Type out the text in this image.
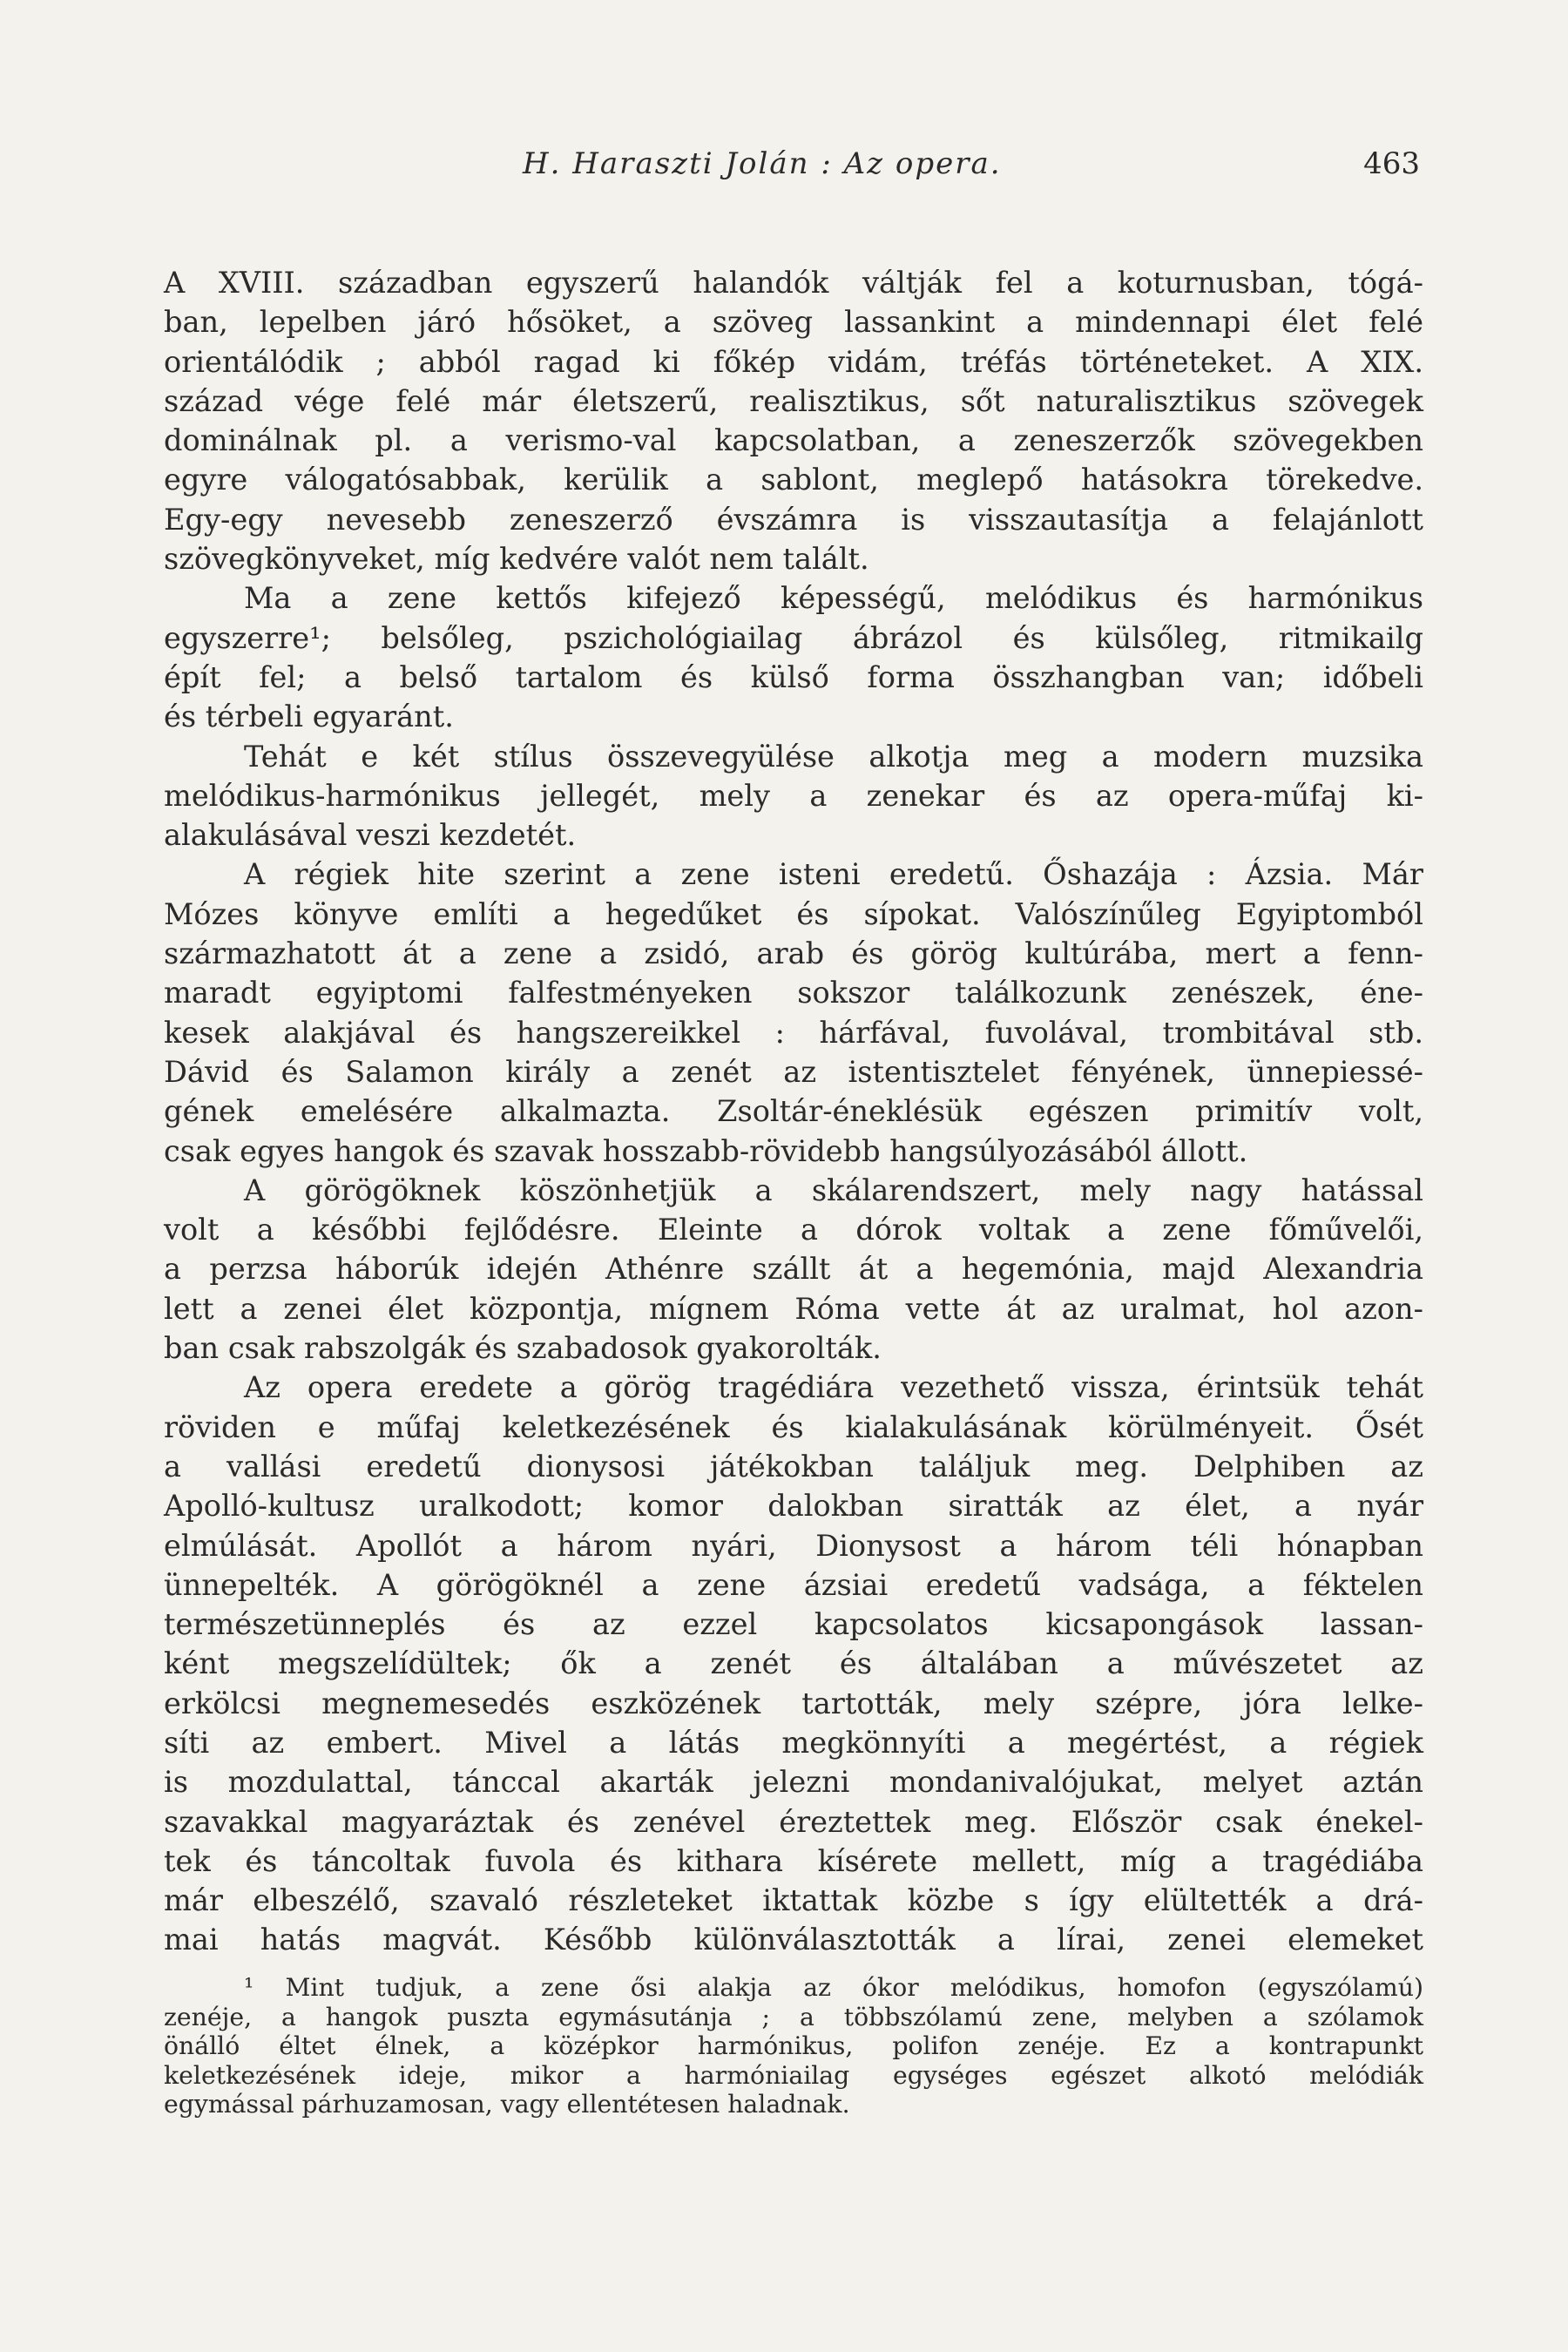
H. Haraszti Jolán : Az opera.	463
A XVIII. században egyszerű halandók váltják fel a koturnusban, tógá-
ban, lepelben járó hősöket, a szöveg lassankint a mindennapi élet felé
orientálódik ; abból ragad ki főkép vidám, tréfás történeteket. A XIX.
század vége felé már életszerű, realisztikus, sőt naturalisztikus szövegek
dominálnak pl. a verismo-val kapcsolatban, a zeneszerzők szövegekben
egyre válogatósabbak, kerülik a sablont, meglepő hatásokra törekedve.
Egy-egy nevesebb zeneszerző évszámra is visszautasítja a felajánlott
szövegkönyveket, míg kedvére valót nem talált.
Ma a zene kettős kifejező képességű, melódikus és harmónikus
egyszerre¹; belsőleg, pszichológiailag ábrázol és külsőleg, ritmikailg
épít fel; a belső tartalom és külső forma összhangban van; időbeli
és térbeli egyaránt.
Tehát e két stílus összevegyülése alkotja meg a modern muzsika
melódikus-harmónikus jellegét, mely a zenekar és az opera-műfaj ki-
alakulásával veszi kezdetét.
A régiek hite szerint a zene isteni eredetű. Őshazája : Ázsia. Már
Mózes könyve említi a hegedűket és sípokat. Valószínűleg Egyiptomból
származhatott át a zene a zsidó, arab és görög kultúrába, mert a fenn-
maradt egyiptomi falfestményeken sokszor találkozunk zenészek, éne-
kesek alakjával és hangszereikkel : hárfával, fuvolával, trombitával stb.
Dávid és Salamon király a zenét az istentisztelet fényének, ünnepiessé-
gének emelésére alkalmazta. Zsoltár-éneklésük egészen primitív volt,
csak egyes hangok és szavak hosszabb-rövidebb hangsúlyozásából állott.
A görögöknek köszönhetjük a skálarendszert, mely nagy hatással
volt a későbbi fejlődésre. Eleinte a dórok voltak a zene főművelői,
a perzsa háborúk idején Athénre szállt át a hegemónia, majd Alexandria
lett a zenei élet központja, mígnem Róma vette át az uralmat, hol azon-
ban csak rabszolgák és szabadosok gyakorolták.
Az opera eredete a görög tragédiára vezethető vissza, érintsük tehát
röviden e műfaj keletkezésének és kialakulásának körülményeit. Ősét
a vallási eredetű dionysosi játékokban találjuk meg. Delphiben az
Apolló-kultusz uralkodott; komor dalokban siratták az élet, a nyár
elmúlását. Apollót a három nyári, Dionysost a három téli hónapban
ünnepelték. A görögöknél a zene ázsiai eredetű vadsága, a féktelen
természetünneplés és az ezzel kapcsolatos kicsapongások lassan-
ként megszelídültek; ők a zenét és általában a művészetet az
erkölcsi megnemesedés eszközének tartották, mely szépre, jóra lelke-
síti az embert. Mivel a látás megkönnyíti a megértést, a régiek
is mozdulattal, tánccal akarták jelezni mondanivalójukat, melyet aztán
szavakkal magyaráztak és zenével éreztettek meg. Először csak énekel-
tek és táncoltak fuvola és kithara kísérete mellett, míg a tragédiába
már elbeszélő, szavaló részleteket iktattak közbe s így elültették a drá-
mai hatás magvát. Később különválasztották a lírai, zenei elemeket
¹ Mint tudjuk, a zene ősi alakja az ókor melódikus, homofon (egyszólamú)
zenéje, a hangok puszta egymásutánja ; a többszólamú zene, melyben a szólamok
önálló éltet élnek, a középkor harmónikus, polifon zenéje. Ez a kontrapunkt
keletkezésének ideje, mikor a harmóniailag egységes egészet alkotó melódiák
egymással párhuzamosan, vagy ellentétesen haladnak.
